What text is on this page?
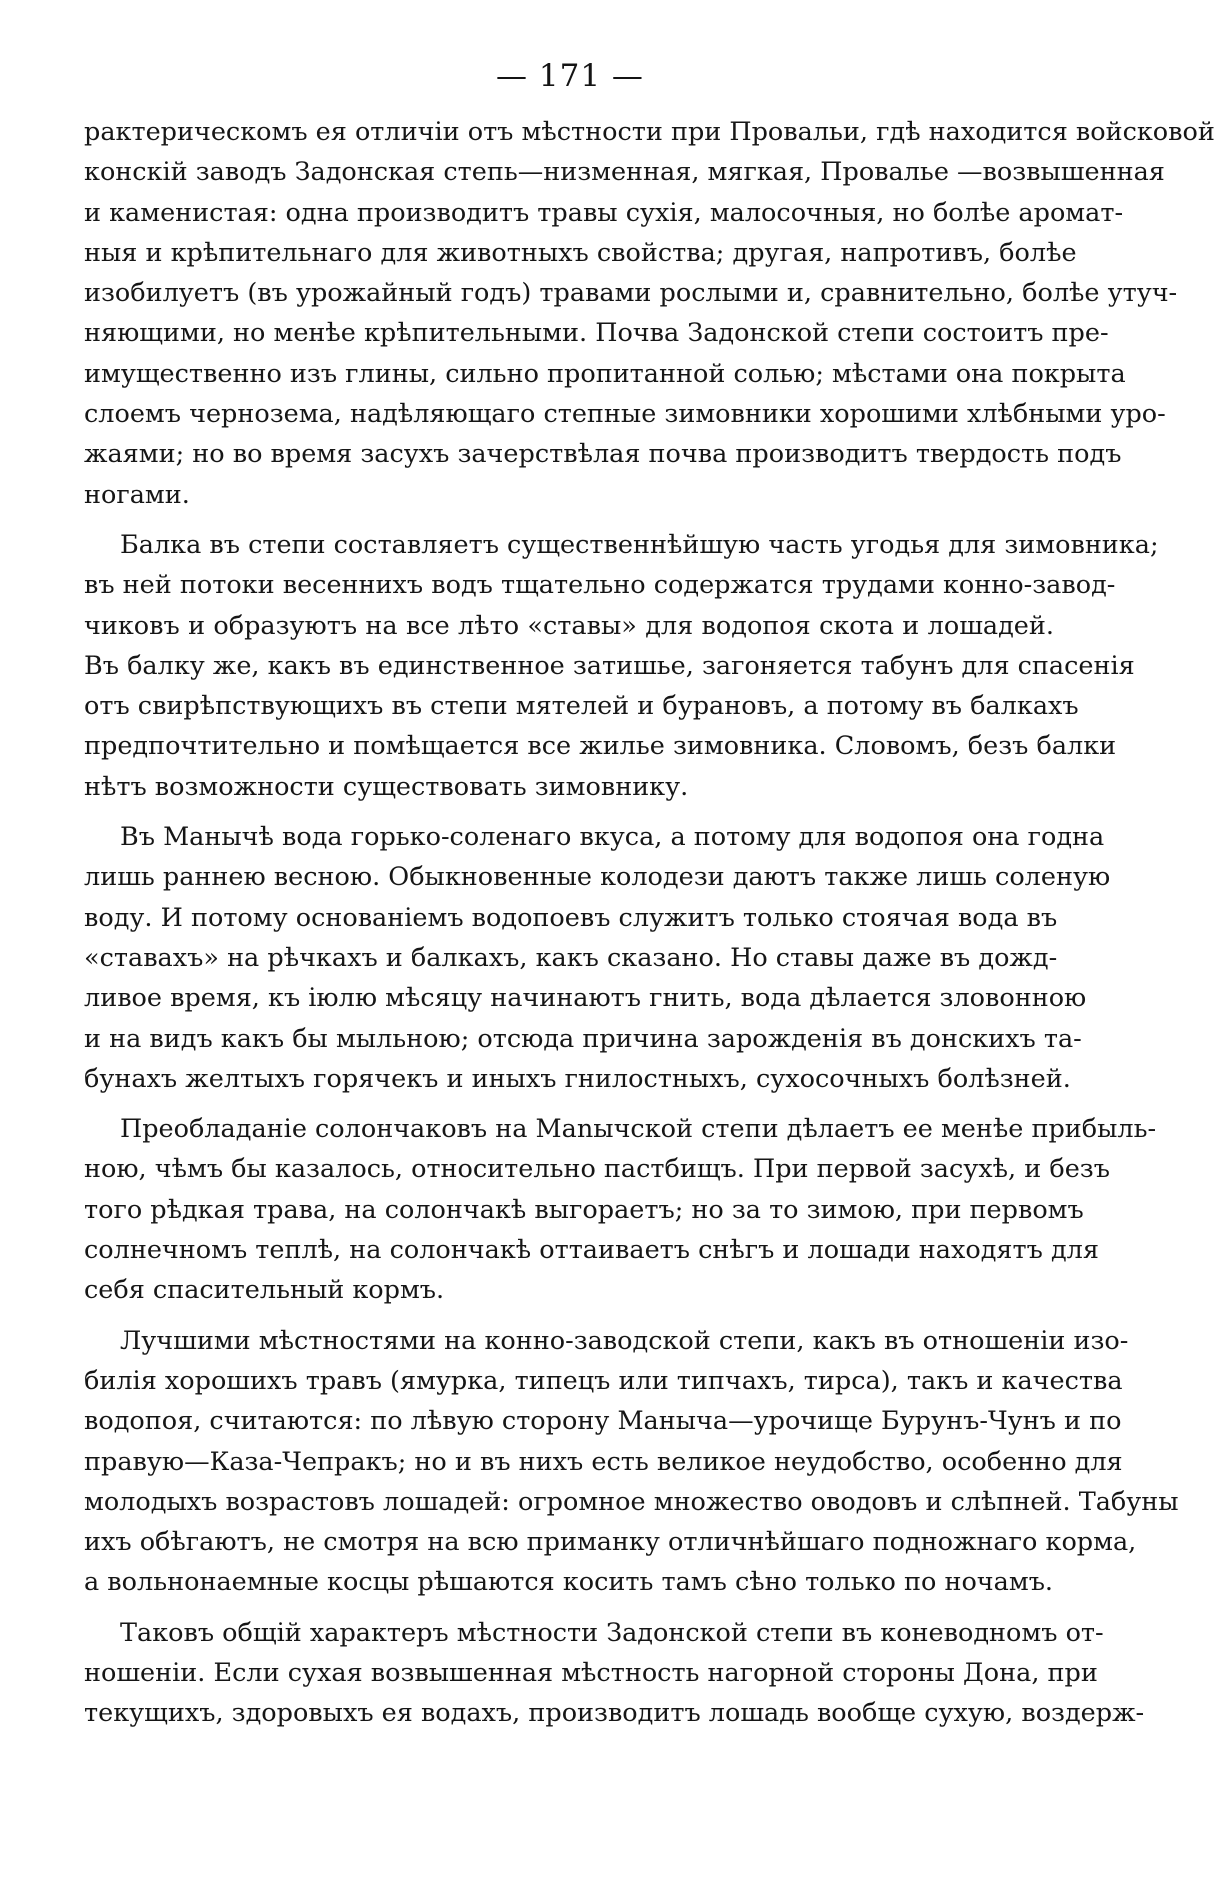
— 171 —
рактерическомъ ея отличіи отъ мѣстности при Провальи, гдѣ находится войсковой
конскій заводъ Задонская степь—низменная, мягкая, Провалье —возвышенная
и каменистая: одна производитъ травы сухія, малосочныя, но болѣе аромат-
ныя и крѣпительнаго для животныхъ свойства; другая, напротивъ, болѣе
изобилуетъ (въ урожайный годъ) травами рослыми и, сравнительно, болѣе утуч-
няющими, но менѣе крѣпительными. Почва Задонской степи состоитъ пре-
имущественно изъ глины, сильно пропитанной солью; мѣстами она покрыта
слоемъ чернозема, надѣляющаго степные зимовники хорошими хлѣбными уро-
жаями; но во время засухъ зачерствѣлая почва производитъ твердость подъ
ногами.
Балка въ степи составляетъ существеннѣйшую часть угодья для зимовника;
въ ней потоки весеннихъ водъ тщательно содержатся трудами конно-завод-
чиковъ и образуютъ на все лѣто «ставы» для водопоя скота и лошадей.
Въ балку же, какъ въ единственное затишье, загоняется табунъ для спасенія
отъ свирѣпствующихъ въ степи мятелей и бурановъ, а потому въ балкахъ
предпочтительно и помѣщается все жилье зимовника. Словомъ, безъ балки
нѣтъ возможности существовать зимовнику.
Въ Манычѣ вода горько-соленаго вкуса, а потому для водопоя она годна
лишь раннею весною. Обыкновенные колодези даютъ также лишь соленую
воду. И потому основаніемъ водопоевъ служитъ только стоячая вода въ
«ставахъ» на рѣчкахъ и балкахъ, какъ сказано. Но ставы даже въ дожд-
ливое время, къ іюлю мѣсяцу начинаютъ гнить, вода дѣлается зловонною
и на видъ какъ бы мыльною; отсюда причина зарожденія въ донскихъ та-
бунахъ желтыхъ горячекъ и иныхъ гнилостныхъ, сухосочныхъ болѣзней.
Преобладаніе солончаковъ на Manычской степи дѣлаетъ ее менѣе прибыль-
ною, чѣмъ бы казалось, относительно пастбищъ. При первой засухѣ, и безъ
того рѣдкая трава, на солончакѣ выгораетъ; но за то зимою, при первомъ
солнечномъ теплѣ, на солончакѣ оттаиваетъ снѣгъ и лошади находятъ для
себя спасительный кормъ.
Лучшими мѣстностями на конно-заводской степи, какъ въ отношеніи изо-
билія хорошихъ травъ (ямурка, типецъ или типчахъ, тирса), такъ и качества
водопоя, считаются: по лѣвую сторону Маныча—урочище Бурунъ-Чунъ и по
правую—Каза-Чепракъ; но и въ нихъ есть великое неудобство, особенно для
молодыхъ возрастовъ лошадей: огромное множество оводовъ и слѣпней. Табуны
ихъ обѣгаютъ, не смотря на всю приманку отличнѣйшаго подножнаго корма,
а вольнонаемные косцы рѣшаются косить тамъ сѣно только по ночамъ.
Таковъ общій характеръ мѣстности Задонской степи въ коневодномъ от-
ношеніи. Если сухая возвышенная мѣстность нагорной стороны Дона, при
текущихъ, здоровыхъ ея водахъ, производитъ лошадь вообще сухую, воздерж-
